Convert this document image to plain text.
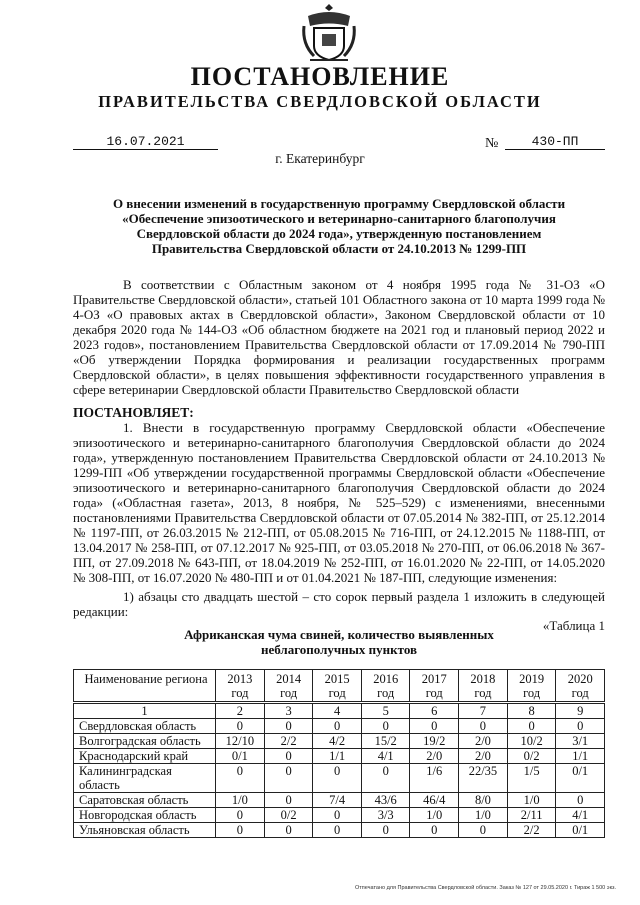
ПОСТАНОВЛЕНИЕ
ПРАВИТЕЛЬСТВА СВЕРДЛОВСКОЙ ОБЛАСТИ
16.07.2021	№	430-ПП
г. Екатеринбург
О внесении изменений в государственную программу Свердловской области
«Обеспечение эпизоотического и ветеринарно-санитарного благополучия
Свердловской области до 2024 года», утвержденную постановлением
Правительства Свердловской области от 24.10.2013 № 1299-ПП
В соответствии с Областным законом от 4 ноября 1995 года № 31-ОЗ «О Правительстве Свердловской области», статьей 101 Областного закона от 10 марта 1999 года № 4-ОЗ «О правовых актах в Свердловской области», Законом Свердловской области от 10 декабря 2020 года № 144-ОЗ «Об областном бюджете на 2021 год и плановый период 2022 и 2023 годов», постановлением Правительства Свердловской области от 17.09.2014 № 790-ПП «Об утверждении Порядка формирования и реализации государственных программ Свердловской области», в целях повышения эффективности государственного управления в сфере ветеринарии Свердловской области Правительство Свердловской области
ПОСТАНОВЛЯЕТ:
1. Внести в государственную программу Свердловской области «Обеспечение эпизоотического и ветеринарно-санитарного благополучия Свердловской области до 2024 года», утвержденную постановлением Правительства Свердловской области от 24.10.2013 № 1299-ПП «Об утверждении государственной программы Свердловской области «Обеспечение эпизоотического и ветеринарно-санитарного благополучия Свердловской области до 2024 года» («Областная газета», 2013, 8 ноября, № 525–529) с изменениями, внесенными постановлениями Правительства Свердловской области от 07.05.2014 № 382-ПП, от 25.12.2014 № 1197-ПП, от 26.03.2015 № 212-ПП, от 05.08.2015 № 716-ПП, от 24.12.2015 № 1188-ПП, от 13.04.2017 № 258-ПП, от 07.12.2017 № 925-ПП, от 03.05.2018 № 270-ПП, от 06.06.2018 № 367-ПП, от 27.09.2018 № 643-ПП, от 18.04.2019 № 252-ПП, от 16.01.2020 № 22-ПП, от 14.05.2020 № 308-ПП, от 16.07.2020 № 480-ПП и от 01.04.2021 № 187-ПП, следующие изменения:
1) абзацы сто двадцать шестой – сто сорок первый раздела 1 изложить в следующей редакции:
«Таблица 1
Африканская чума свиней, количество выявленных
неблагополучных пунктов
Наименование региона	2013 год	2014 год	2015 год	2016 год	2017 год	2018 год	2019 год	2020 год
1	2	3	4	5	6	7	8	9
Свердловская область	0	0	0	0	0	0	0	0
Волгоградская область	12/10	2/2	4/2	15/2	19/2	2/0	10/2	3/1
Краснодарский край	0/1	0	1/1	4/1	2/0	2/0	0/2	1/1
Калининградская область	0	0	0	0	1/6	22/35	1/5	0/1
Саратовская область	1/0	0	7/4	43/6	46/4	8/0	1/0	0
Новгородская область	0	0/2	0	3/3	1/0	1/0	2/11	4/1
Ульяновская область	0	0	0	0	0	0	2/2	0/1
Отпечатано для Правительства Свердловской области. Заказ № 127 от 29.05.2020 г. Тираж 1 500 экз.
